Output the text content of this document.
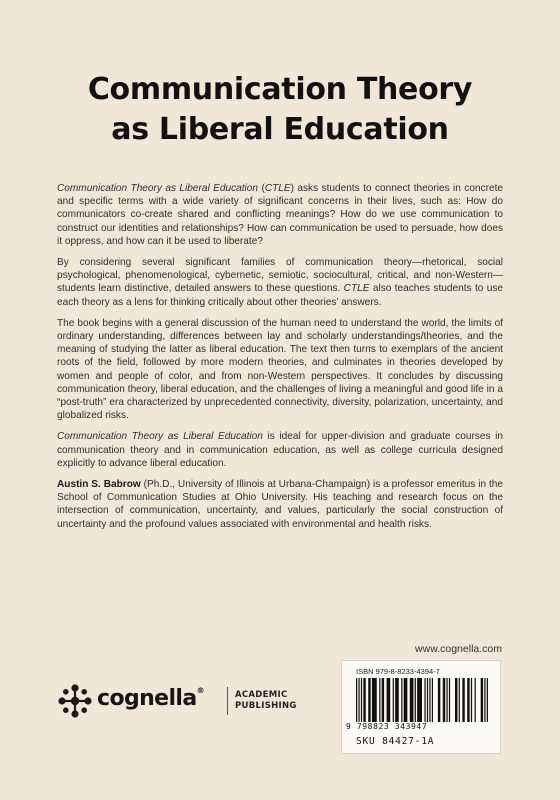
Communication Theory
as Liberal Education

Communication Theory as Liberal Education (CTLE) asks students to connect theories in concrete and specific terms with a wide variety of significant concerns in their lives, such as: How do communicators co-create shared and conflicting meanings? How do we use communication to construct our identities and relationships? How can communication be used to persuade, how does it oppress, and how can it be used to liberate?

By considering several significant families of communication theory—rhetorical, social psychological, phenomenological, cybernetic, semiotic, sociocultural, critical, and non-Western—students learn distinctive, detailed answers to these questions. CTLE also teaches students to use each theory as a lens for thinking critically about other theories’ answers.

The book begins with a general discussion of the human need to understand the world, the limits of ordinary understanding, differences between lay and scholarly understandings/theories, and the meaning of studying the latter as liberal education. The text then turns to exemplars of the ancient roots of the field, followed by more modern theories, and culminates in theories developed by women and people of color, and from non-Western perspectives. It concludes by discussing communication theory, liberal education, and the challenges of living a meaningful and good life in a “post-truth” era characterized by unprecedented connectivity, diversity, polarization, uncertainty, and globalized risks.

Communication Theory as Liberal Education is ideal for upper-division and graduate courses in communication theory and in communication education, as well as college curricula designed explicitly to advance liberal education.

Austin S. Babrow (Ph.D., University of Illinois at Urbana-Champaign) is a professor emeritus in the School of Communication Studies at Ohio University. His teaching and research focus on the intersection of communication, uncertainty, and values, particularly the social construction of uncertainty and the profound values associated with environmental and health risks.

www.cognella.com
ISBN 979-8-8233-4394-7
9 798823 343947
SKU 84427-1A
cognella®	ACADEMIC
PUBLISHING
